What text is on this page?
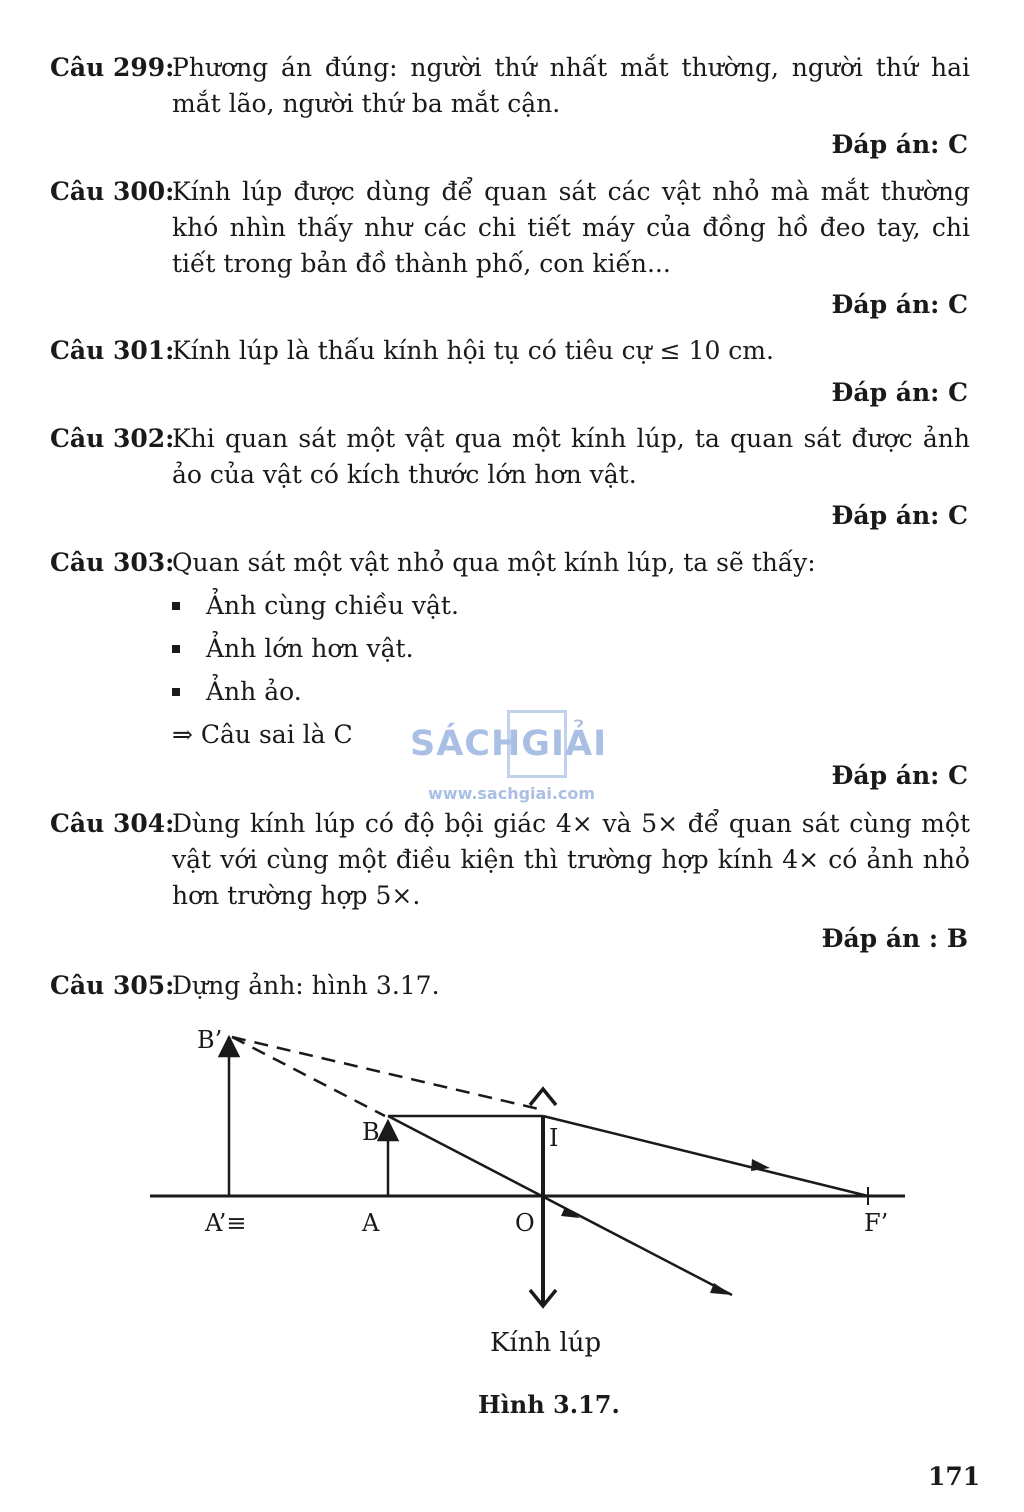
Câu 299:
Phương án đúng: người thứ nhất mắt thường, người thứ hai mắt lão, người thứ ba mắt cận.
Đáp án: C
Câu 300:
Kính lúp được dùng để quan sát các vật nhỏ mà mắt thường khó nhìn thấy như các chi tiết máy của đồng hồ đeo tay, chi tiết trong bản đồ thành phố, con kiến...
Đáp án: C
Câu 301:
Kính lúp là thấu kính hội tụ có tiêu cự ≤ 10 cm.
Đáp án: C
Câu 302:
Khi quan sát một vật qua một kính lúp, ta quan sát được ảnh ảo của vật có kích thước lớn hơn vật.
Đáp án: C
Câu 303:
Quan sát một vật nhỏ qua một kính lúp, ta sẽ thấy:
Ảnh cùng chiều vật.
Ảnh lớn hơn vật.
Ảnh ảo.
⇒ Câu sai là C
Đáp án: C
SÁCHGIẢI
www.sachgiai.com
Câu 304:
Dùng kính lúp có độ bội giác 4× và 5× để quan sát cùng một vật với cùng một điều kiện thì trường hợp kính 4× có ảnh nhỏ hơn trường hợp 5×.
Đáp án : B
Câu 305:
Dựng ảnh: hình 3.17.
B’
B	I
A’≡	A	O	F’
Kính lúp
Hình 3.17.
171
